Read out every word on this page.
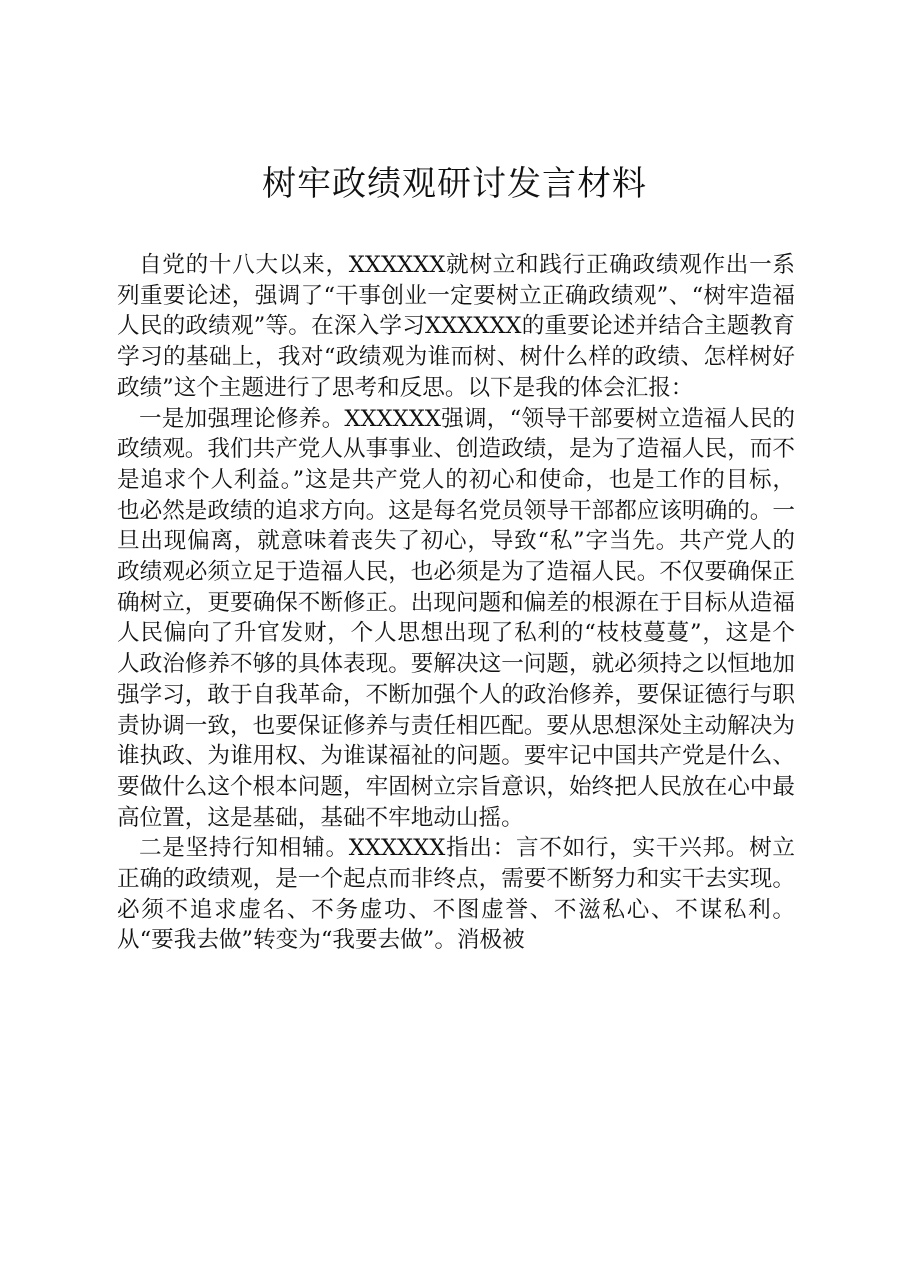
树牢政绩观研讨发言材料

自党的十八大以来，XXXXXX就树立和践行正确政绩观作出一系列重要论述，强调了“干事创业一定要树立正确政绩观”、“树牢造福人民的政绩观”等。在深入学习XXXXXX的重要论述并结合主题教育学习的基础上，我对“政绩观为谁而树、树什么样的政绩、怎样树好政绩”这个主题进行了思考和反思。以下是我的体会汇报：

一是加强理论修养。XXXXXX强调，“领导干部要树立造福人民的政绩观。我们共产党人从事事业、创造政绩，是为了造福人民，而不是追求个人利益。”这是共产党人的初心和使命，也是工作的目标，也必然是政绩的追求方向。这是每名党员领导干部都应该明确的。一旦出现偏离，就意味着丧失了初心，导致“私”字当先。共产党人的政绩观必须立足于造福人民，也必须是为了造福人民。不仅要确保正确树立，更要确保不断修正。出现问题和偏差的根源在于目标从造福人民偏向了升官发财，个人思想出现了私利的“枝枝蔓蔓”，这是个人政治修养不够的具体表现。要解决这一问题，就必须持之以恒地加强学习，敢于自我革命，不断加强个人的政治修养，要保证德行与职责协调一致，也要保证修养与责任相匹配。要从思想深处主动解决为谁执政、为谁用权、为谁谋福祉的问题。要牢记中国共产党是什么、要做什么这个根本问题，牢固树立宗旨意识，始终把人民放在心中最高位置，这是基础，基础不牢地动山摇。

二是坚持行知相辅。XXXXXX指出：言不如行，实干兴邦。树立正确的政绩观，是一个起点而非终点，需要不断努力和实干去实现。必须不追求虚名、不务虚功、不图虚誉、不滋私心、不谋私利。从“要我去做”转变为“我要去做”。消极被
